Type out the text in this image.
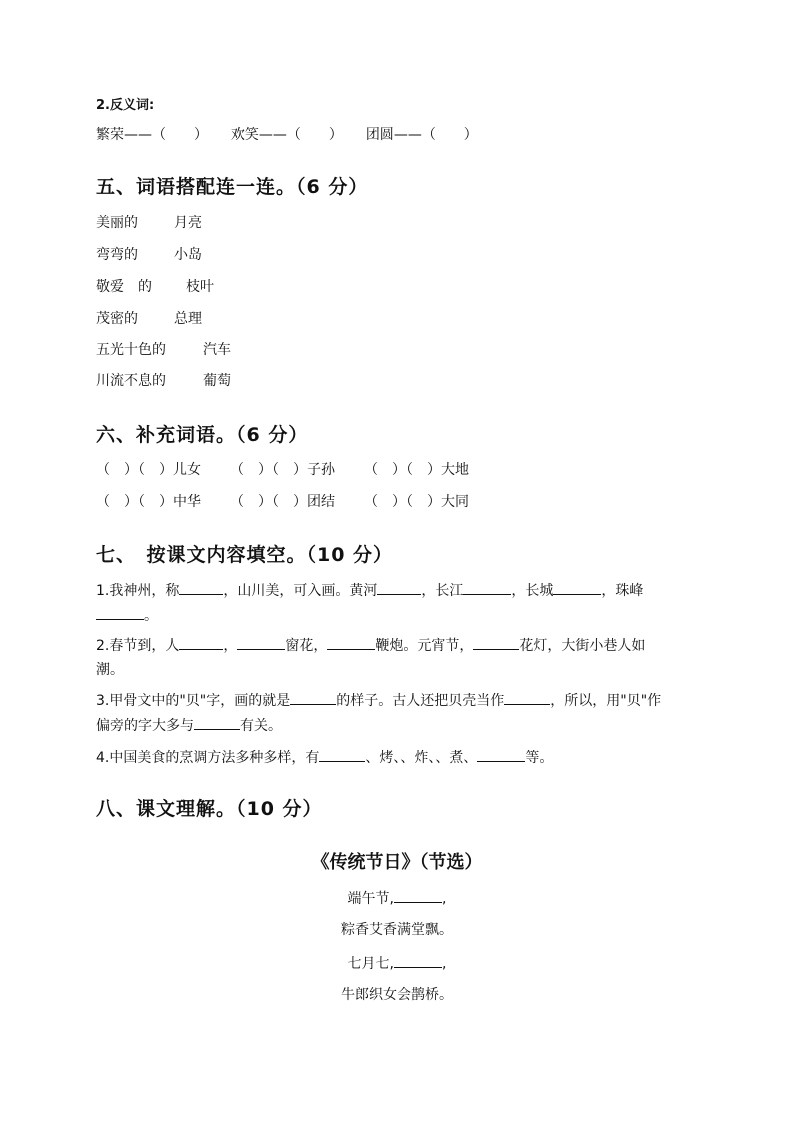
2.反义词:
繁荣——（　　） 欢笑——（　　） 团圆——（　　）
五、词语搭配连一连。（6 分）
美丽的	月亮
弯弯的	小岛
敬爱　的 枝叶
茂密的	总理
五光十色的	汽车
川流不息的	葡萄
六、补充词语。（6 分）
（　）（　）儿女 （　）（　）子孙 （　）（　）大地
（　）（　）中华 （　）（　）团结 （　）（　）大同
七、　按课文内容填空。（10 分）
1.我神州，称	，山川美，可入画。黄河	，长江	，长城	，珠峰
。
2.春节到，人	，	窗花，	鞭炮。元宵节，	花灯，大街小巷人如
潮。
3.甲骨文中的"贝"字，画的就是	的样子。古人还把贝壳当作	，所以，用"贝"作
偏旁的字大多与	有关。
4.中国美食的烹调方法多种多样，有	、烤、、炸、、煮、	等。
八、课文理解。（10 分）
《传统节日》（节选）
端午节,	,
粽香艾香满堂飘。
七月七,	,
牛郎织女会鹊桥。
